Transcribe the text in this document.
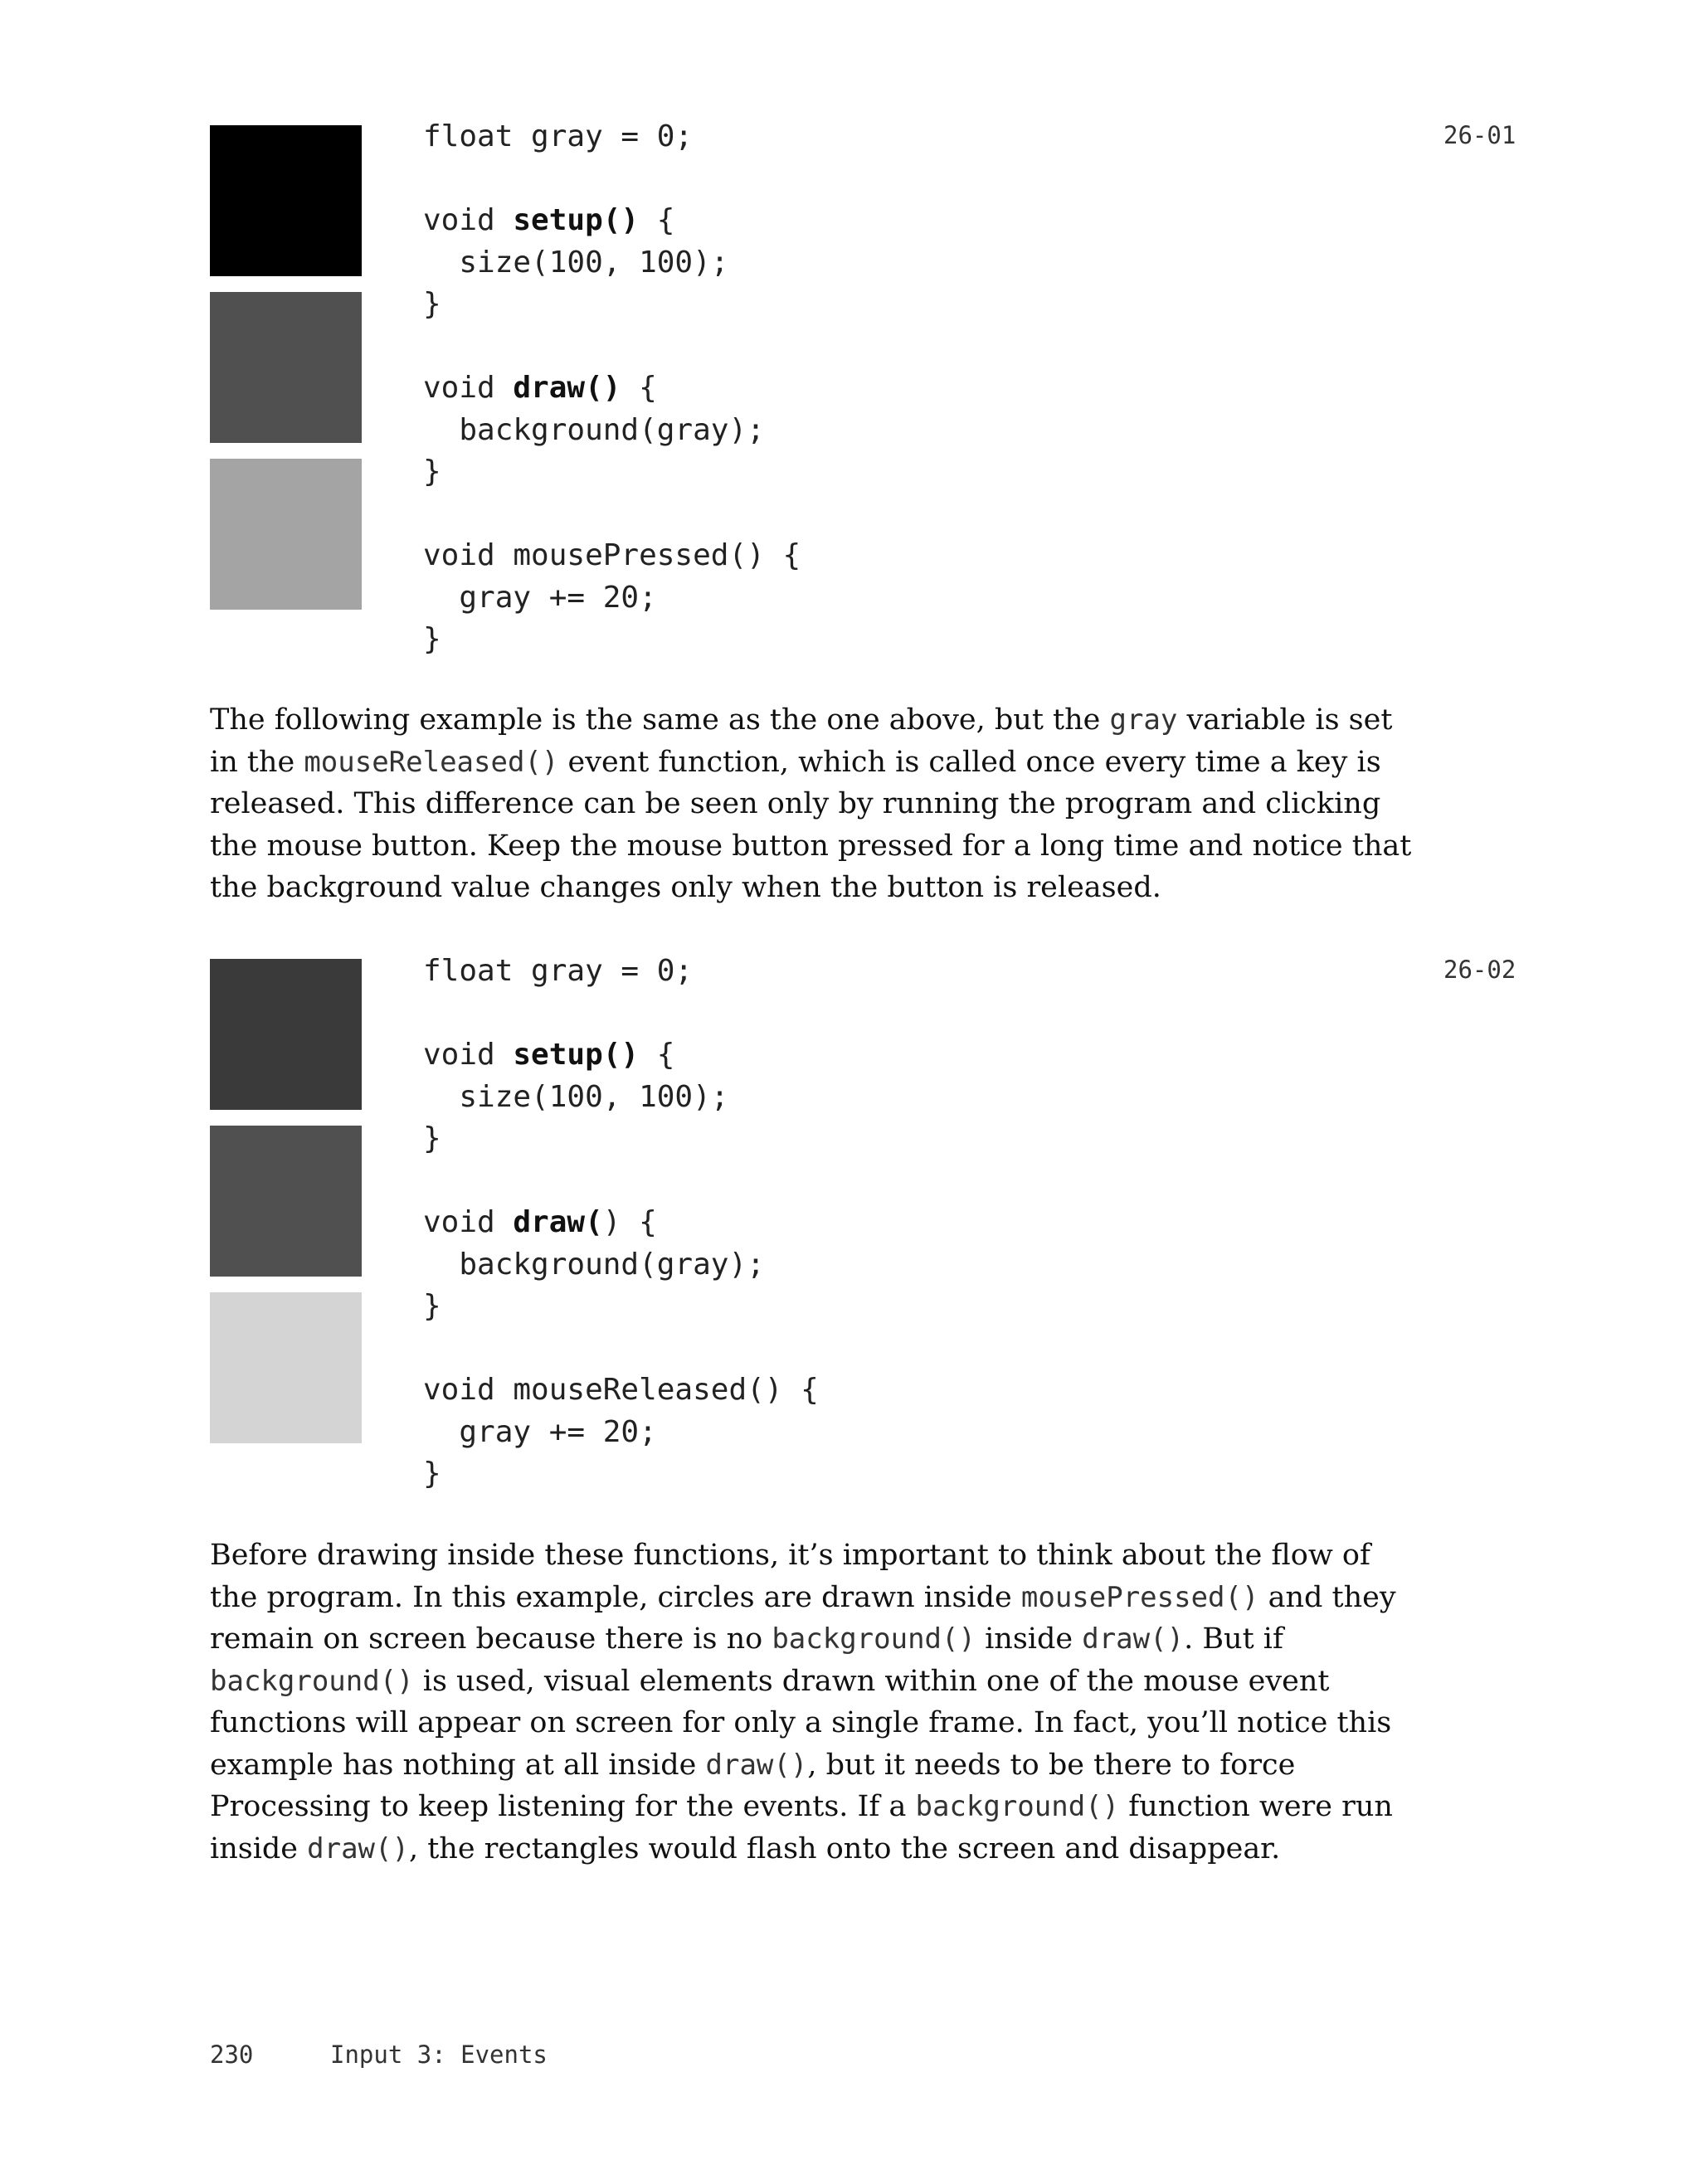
float gray = 0;

void setup() {
size(100, 100);
}

void draw() {
background(gray);
}

void mousePressed() {
gray += 20;
}
26-01

The following example is the same as the one above, but the gray variable is set in the mouseReleased() event function, which is called once every time a key is released. This difference can be seen only by running the program and clicking the mouse button. Keep the mouse button pressed for a long time and notice that the background value changes only when the button is released.

float gray = 0;

void setup() {
size(100, 100);
}

void draw() {
background(gray);
}

void mouseReleased() {
gray += 20;
}
26-02

Before drawing inside these functions, it’s important to think about the flow of the program. In this example, circles are drawn inside mousePressed() and they remain on screen because there is no background() inside draw(). But if background() is used, visual elements drawn within one of the mouse event functions will appear on screen for only a single frame. In fact, you’ll notice this example has nothing at all inside draw(), but it needs to be there to force Processing to keep listening for the events. If a background() function were run inside draw(), the rectangles would flash onto the screen and disappear.

230	Input 3: Events
